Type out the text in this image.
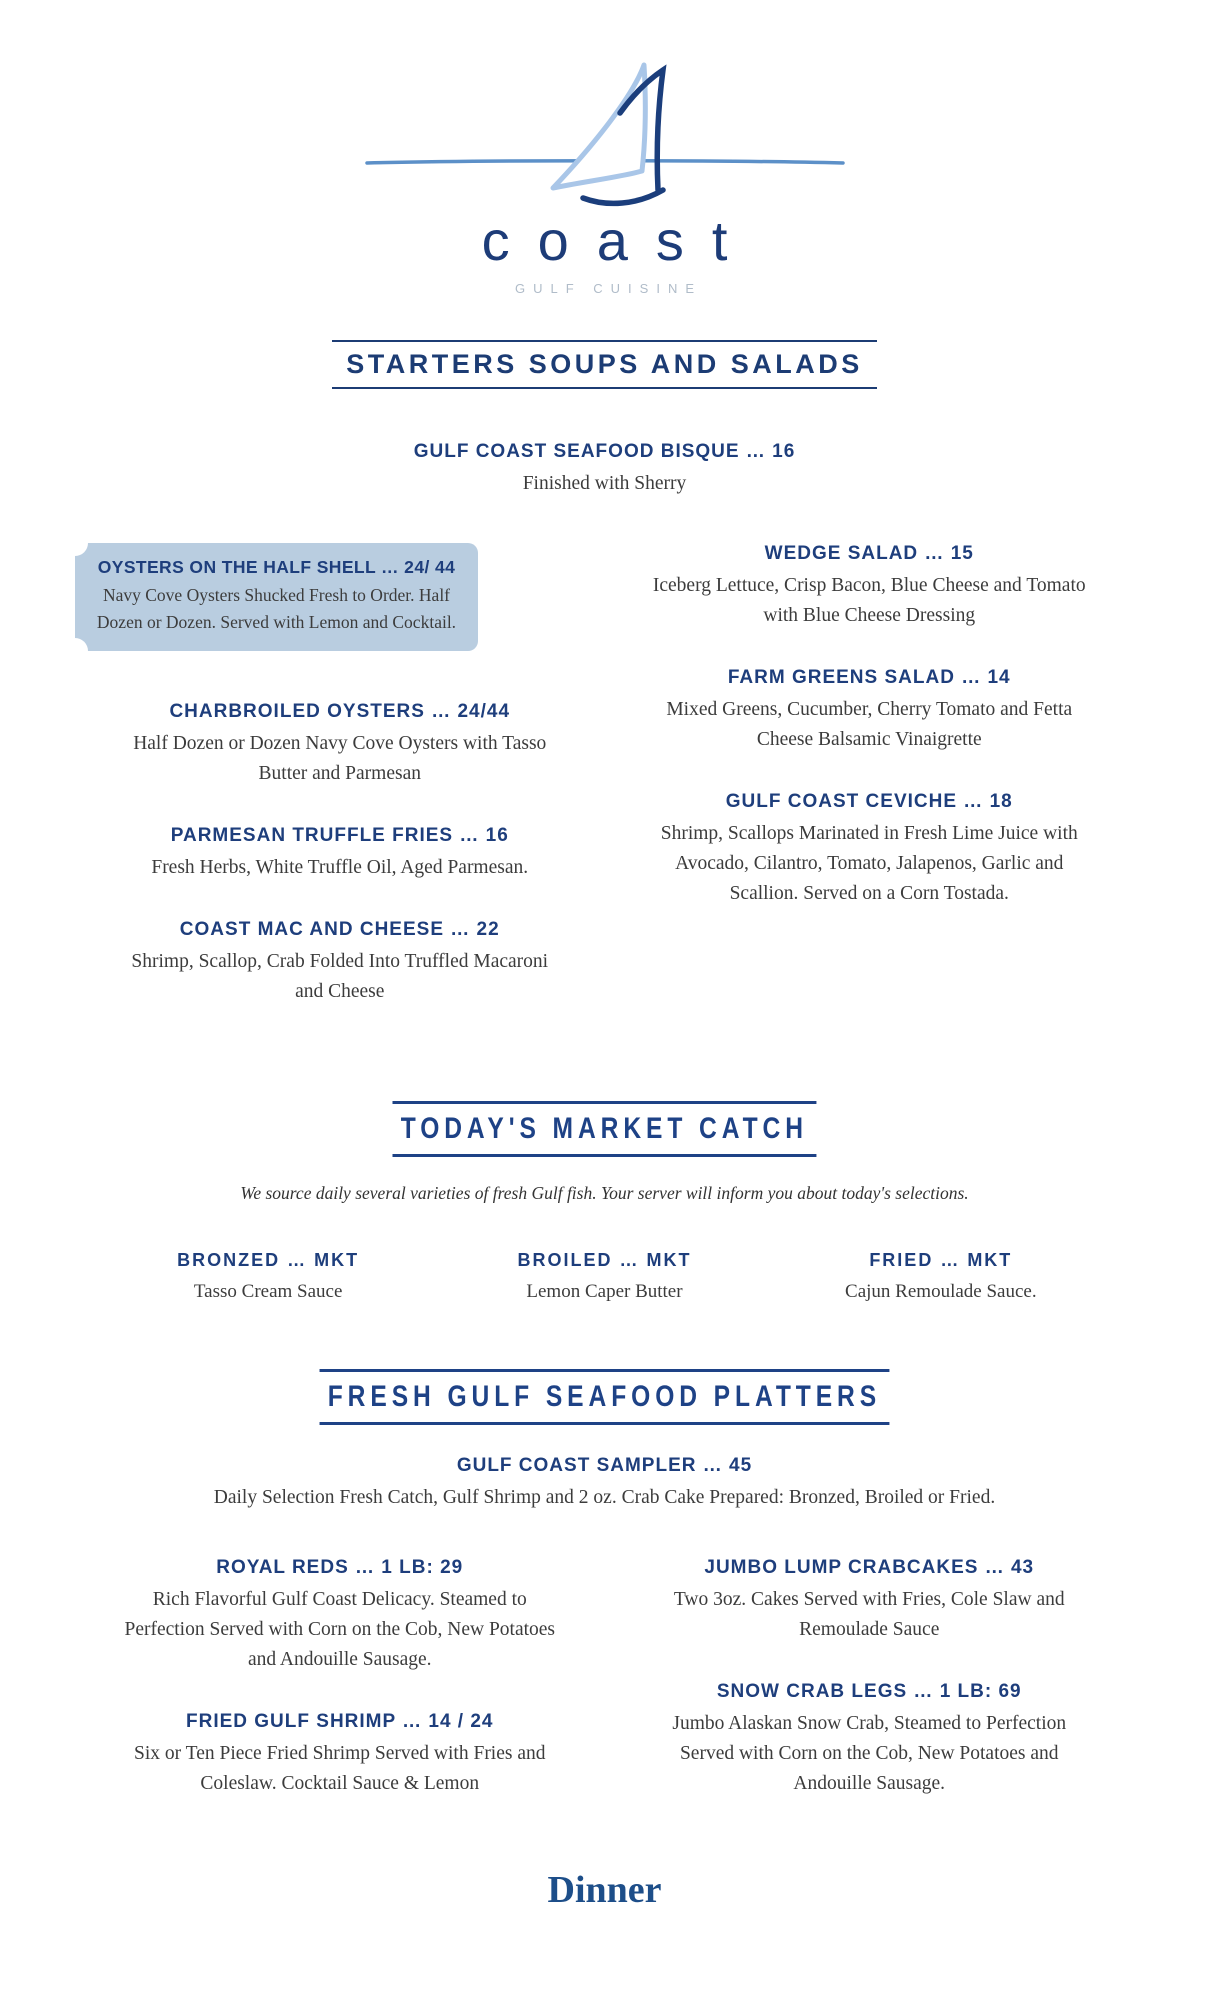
coast
GULF CUISINE
STARTERS SOUPS AND SALADS
GULF COAST SEAFOOD BISQUE … 16
Finished with Sherry
OYSTERS ON THE HALF SHELL … 24/ 44
Navy Cove Oysters Shucked Fresh to Order. Half Dozen or Dozen. Served with Lemon and Cocktail.
CHARBROILED OYSTERS … 24/44
Half Dozen or Dozen Navy Cove Oysters with Tasso Butter and Parmesan
PARMESAN TRUFFLE FRIES … 16
Fresh Herbs, White Truffle Oil, Aged Parmesan.
COAST MAC AND CHEESE … 22
Shrimp, Scallop, Crab Folded Into Truffled Macaroni and Cheese
WEDGE SALAD … 15
Iceberg Lettuce, Crisp Bacon, Blue Cheese and Tomato with Blue Cheese Dressing
FARM GREENS SALAD … 14
Mixed Greens, Cucumber, Cherry Tomato and Fetta Cheese Balsamic Vinaigrette
GULF COAST CEVICHE … 18
Shrimp, Scallops Marinated in Fresh Lime Juice with Avocado, Cilantro, Tomato, Jalapenos, Garlic and Scallion. Served on a Corn Tostada.
TODAY'S MARKET CATCH

We source daily several varieties of fresh Gulf fish. Your server will inform you about today's selections.

BRONZED … MKT
Tasso Cream Sauce
BROILED … MKT
Lemon Caper Butter
FRIED … MKT
Cajun Remoulade Sauce.
FRESH GULF SEAFOOD PLATTERS
GULF COAST SAMPLER … 45
Daily Selection Fresh Catch, Gulf Shrimp and 2 oz. Crab Cake Prepared: Bronzed, Broiled or Fried.
ROYAL REDS … 1 LB: 29
Rich Flavorful Gulf Coast Delicacy. Steamed to Perfection Served with Corn on the Cob, New Potatoes and Andouille Sausage.
FRIED GULF SHRIMP … 14 / 24
Six or Ten Piece Fried Shrimp Served with Fries and Coleslaw. Cocktail Sauce & Lemon
JUMBO LUMP CRABCAKES … 43
Two 3oz. Cakes Served with Fries, Cole Slaw and Remoulade Sauce
SNOW CRAB LEGS … 1 LB: 69
Jumbo Alaskan Snow Crab, Steamed to Perfection Served with Corn on the Cob, New Potatoes and Andouille Sausage.
Dinner
